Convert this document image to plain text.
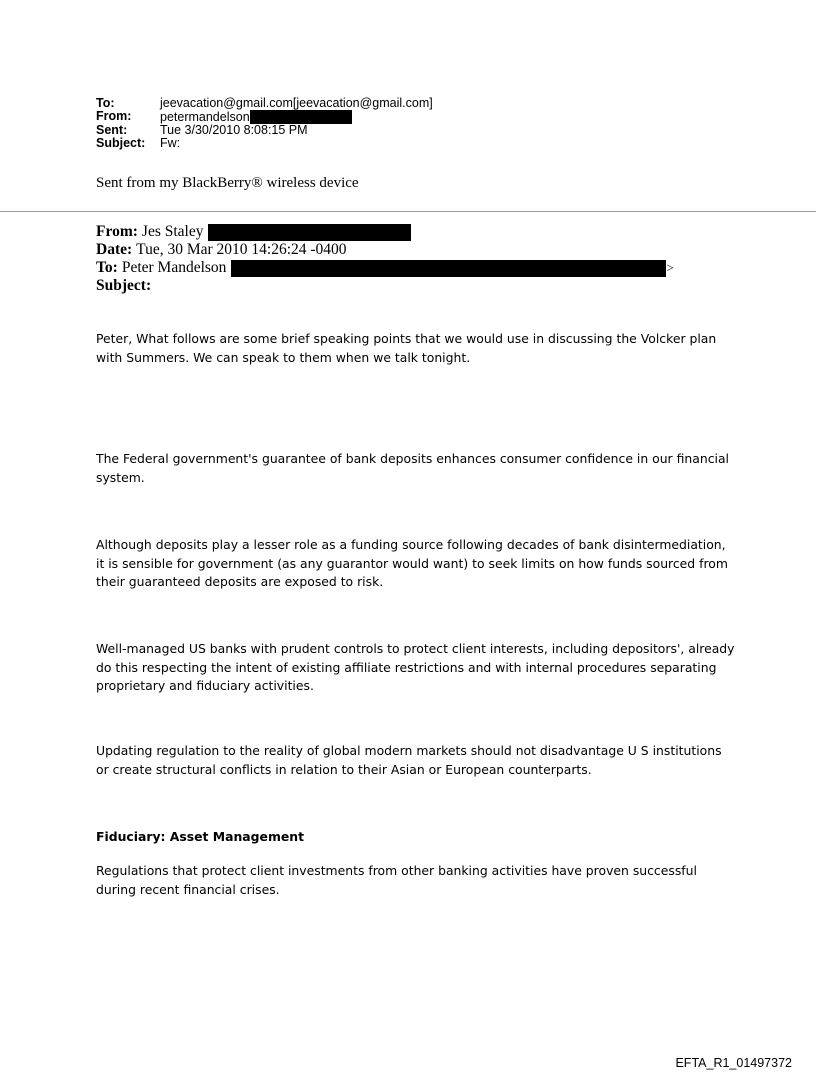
To:	jeevacation@gmail.com[jeevacation@gmail.com]
From:	petermandelson
Sent:	Tue 3/30/2010 8:08:15 PM
Subject:	Fw:
Sent from my BlackBerry® wireless device
From: Jes Staley
Date: Tue, 30 Mar 2010 14:26:24 -0400
To: Peter Mandelson	>
Subject:

Peter, What follows are some brief speaking points that we would use in discussing the Volcker plan with Summers. We can speak to them when we talk tonight.

The Federal government's guarantee of bank deposits enhances consumer confidence in our financial system.

Although deposits play a lesser role as a funding source following decades of bank disintermediation, it is sensible for government (as any guarantor would want) to seek limits on how funds sourced from their guaranteed deposits are exposed to risk.

Well-managed US banks with prudent controls to protect client interests, including depositors', already do this respecting the intent of existing affiliate restrictions and with internal procedures separating proprietary and fiduciary activities.

Updating regulation to the reality of global modern markets should not disadvantage U S institutions or create structural conflicts in relation to their Asian or European counterparts.

Fiduciary: Asset Management

Regulations that protect client investments from other banking activities have proven successful during recent financial crises.

EFTA_R1_01497372
